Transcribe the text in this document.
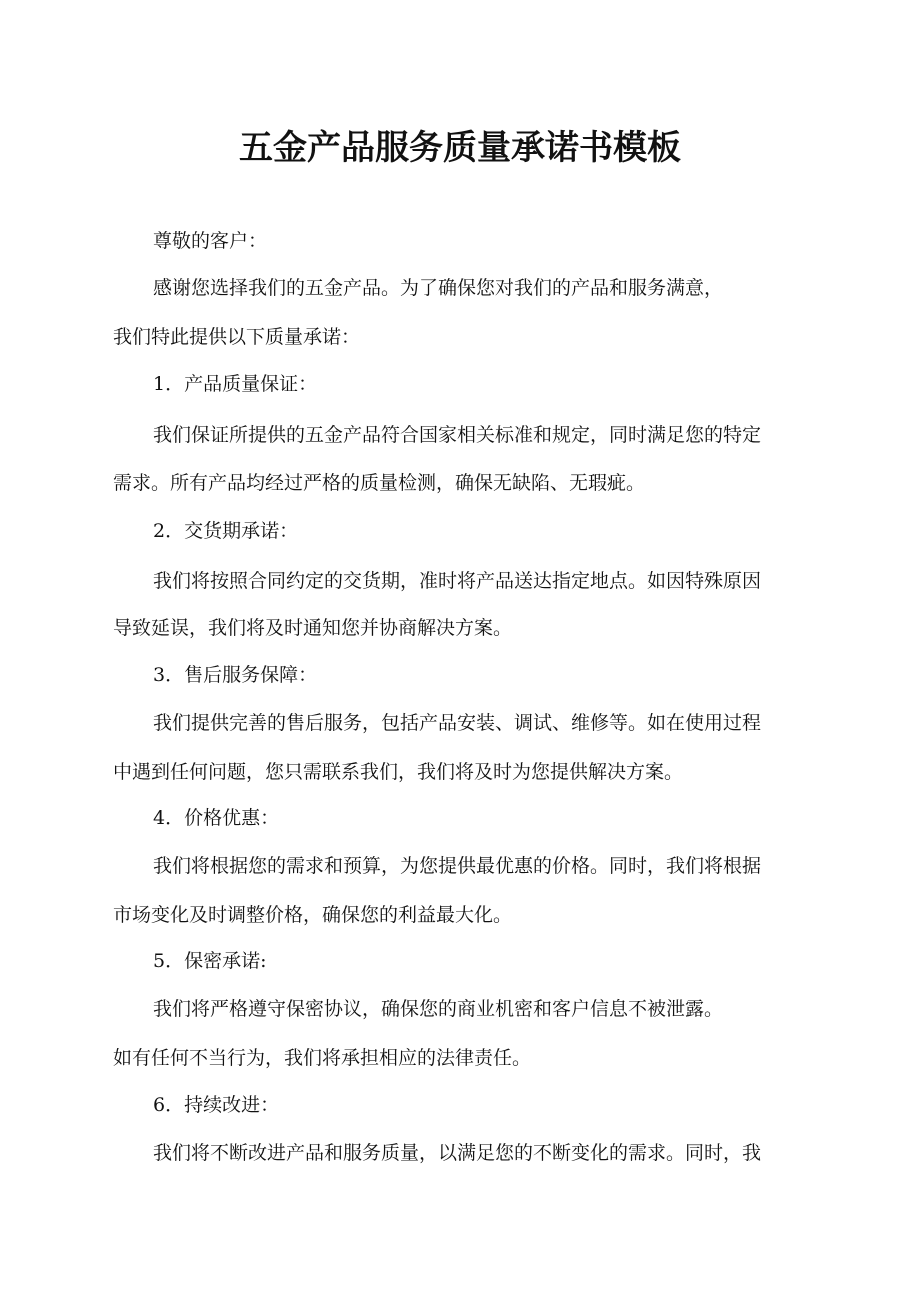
五金产品服务质量承诺书模板
尊敬的客户：
感谢您选择我们的五金产品。为了确保您对我们的产品和服务满意，
我们特此提供以下质量承诺：
1．产品质量保证：
我们保证所提供的五金产品符合国家相关标准和规定，同时满足您的特定
需求。所有产品均经过严格的质量检测，确保无缺陷、无瑕疵。
2．交货期承诺：
我们将按照合同约定的交货期，准时将产品送达指定地点。如因特殊原因
导致延误，我们将及时通知您并协商解决方案。
3．售后服务保障：
我们提供完善的售后服务，包括产品安装、调试、维修等。如在使用过程
中遇到任何问题，您只需联系我们，我们将及时为您提供解决方案。
4．价格优惠：
我们将根据您的需求和预算，为您提供最优惠的价格。同时，我们将根据
市场变化及时调整价格，确保您的利益最大化。
5．保密承诺:
我们将严格遵守保密协议，确保您的商业机密和客户信息不被泄露。
如有任何不当行为，我们将承担相应的法律责任。
6．持续改进：
我们将不断改进产品和服务质量，以满足您的不断变化的需求。同时，我
